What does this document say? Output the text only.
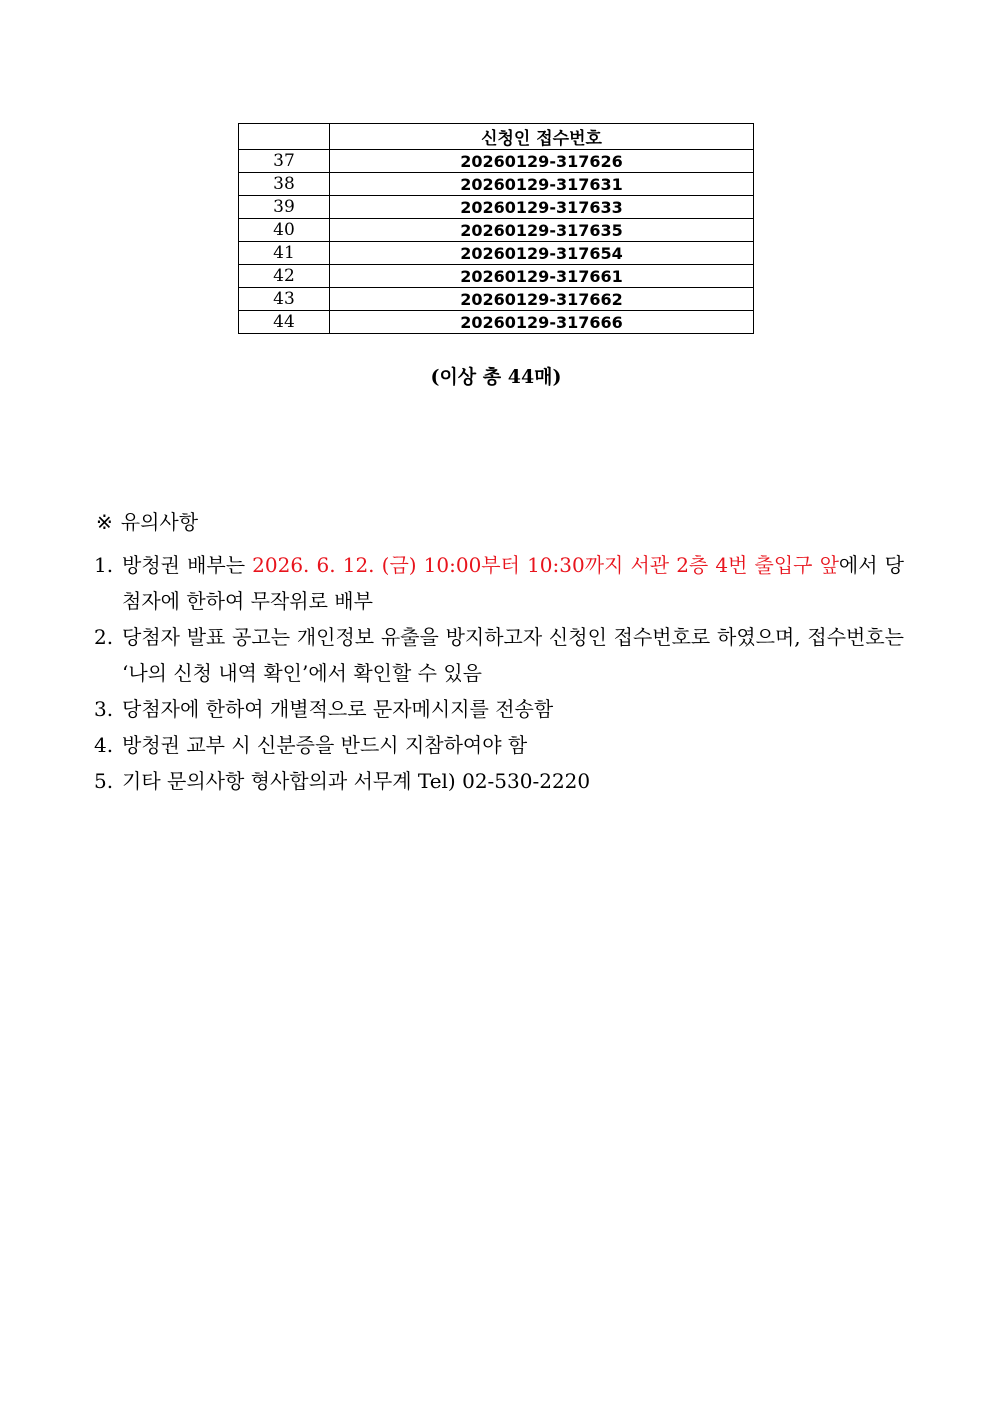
	신청인 접수번호
37	20260129-317626
38	20260129-317631
39	20260129-317633
40	20260129-317635
41	20260129-317654
42	20260129-317661
43	20260129-317662
44	20260129-317666
(이상 총 44매)
※ 유의사항
1. 방청권 배부는 2026. 6. 12. (금) 10:00부터 10:30까지 서관 2층 4번 출입구 앞에서 당첨자에 한하여 무작위로 배부
2. 당첨자 발표 공고는 개인정보 유출을 방지하고자 신청인 접수번호로 하였으며, 접수번호는 ‘나의 신청 내역 확인’에서 확인할 수 있음
3. 당첨자에 한하여 개별적으로 문자메시지를 전송함
4. 방청권 교부 시 신분증을 반드시 지참하여야 함
5. 기타 문의사항 형사합의과 서무계 Tel) 02-530-2220
